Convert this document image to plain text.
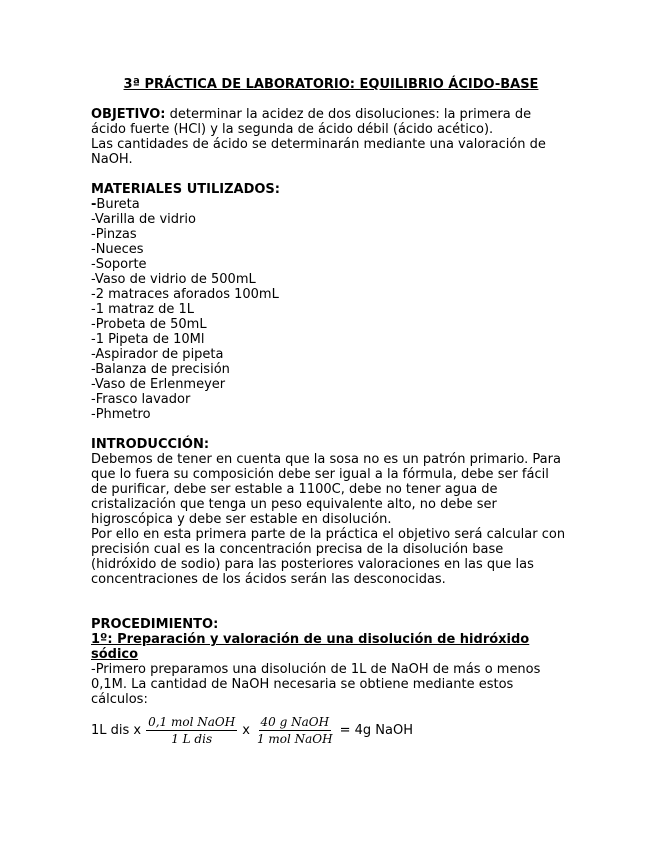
3ª PRÁCTICA DE LABORATORIO: EQUILIBRIO ÁCIDO-BASE

OBJETIVO: determinar la acidez de dos disoluciones: la primera de

ácido fuerte (HCl) y la segunda de ácido débil (ácido acético).

Las cantidades de ácido se determinarán mediante una valoración de

NaOH.

MATERIALES UTILIZADOS:

-Bureta
-Varilla de vidrio
-Pinzas
-Nueces
-Soporte
-Vaso de vidrio de 500mL
-2 matraces aforados 100mL
-1 matraz de 1L
-Probeta de 50mL
-1 Pipeta de 10Ml
-Aspirador de pipeta
-Balanza de precisión
-Vaso de Erlenmeyer
-Frasco lavador
-Phmetro

INTRODUCCIÓN:

Debemos de tener en cuenta que la sosa no es un patrón primario. Para

que lo fuera su composición debe ser igual a la fórmula, debe ser fácil

de purificar, debe ser estable a 1100C, debe no tener agua de

cristalización que tenga un peso equivalente alto, no debe ser

higroscópica y debe ser estable en disolución.

Por ello en esta primera parte de la práctica el objetivo será calcular con

precisión cual es la concentración precisa de la disolución base

(hidróxido de sodio) para las posteriores valoraciones en las que las

concentraciones de los ácidos serán las desconocidas.

PROCEDIMIENTO:

1º: Preparación y valoración de una disolución de hidróxido

sódico

-Primero preparamos una disolución de 1L de NaOH de más o menos

0,1M. La cantidad de NaOH necesaria se obtiene mediante estos

cálculos:

1L dis x $\frac{\text{0,1 mol NaOH}}{\text{1 L dis}}$ x $\frac{\text{40 g NaOH}}{\text{1 mol NaOH}} = 4g$ NaOH
